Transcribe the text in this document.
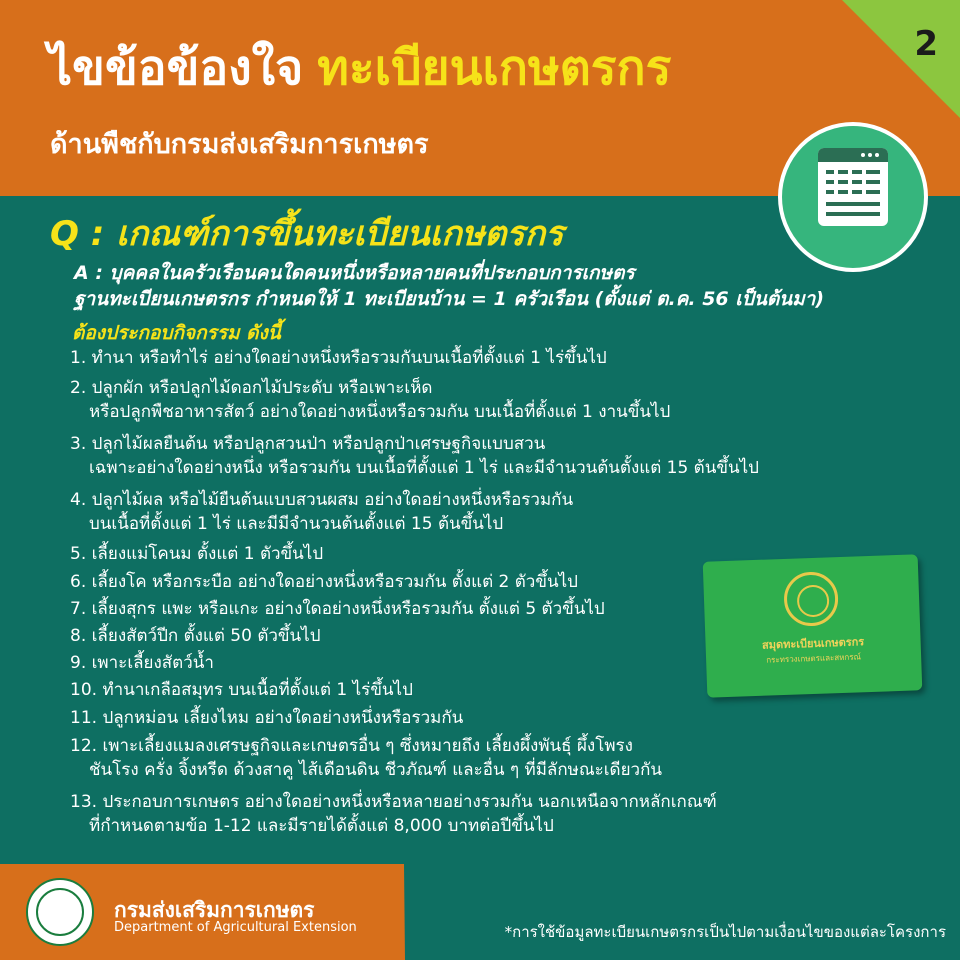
2
ไขข้อข้องใจ ทะเบียนเกษตรกร
ด้านพืชกับกรมส่งเสริมการเกษตร
Q : เกณฑ์การขึ้นทะเบียนเกษตรกร
A : บุคคลในครัวเรือนคนใดคนหนึ่งหรือหลายคนที่ประกอบการเกษตร
ฐานทะเบียนเกษตรกร กำหนดให้ 1 ทะเบียนบ้าน = 1 ครัวเรือน (ตั้งแต่ ต.ค. 56 เป็นต้นมา)
ต้องประกอบกิจกรรม ดังนี้
1. ทำนา หรือทำไร่ อย่างใดอย่างหนึ่งหรือรวมกันบนเนื้อที่ตั้งแต่ 1 ไร่ขึ้นไป
2. ปลูกผัก หรือปลูกไม้ดอกไม้ประดับ หรือเพาะเห็ด
หรือปลูกพืชอาหารสัตว์ อย่างใดอย่างหนึ่งหรือรวมกัน บนเนื้อที่ตั้งแต่ 1 งานขึ้นไป
3. ปลูกไม้ผลยืนต้น หรือปลูกสวนป่า หรือปลูกป่าเศรษฐกิจแบบสวน
เฉพาะอย่างใดอย่างหนึ่ง หรือรวมกัน บนเนื้อที่ตั้งแต่ 1 ไร่ และมีจำนวนต้นตั้งแต่ 15 ต้นขึ้นไป
4. ปลูกไม้ผล หรือไม้ยืนต้นแบบสวนผสม อย่างใดอย่างหนึ่งหรือรวมกัน
บนเนื้อที่ตั้งแต่ 1 ไร่ และมีมีจำนวนต้นตั้งแต่ 15 ต้นขึ้นไป
5. เลี้ยงแม่โคนม ตั้งแต่ 1 ตัวขึ้นไป
6. เลี้ยงโค หรือกระบือ อย่างใดอย่างหนึ่งหรือรวมกัน ตั้งแต่ 2 ตัวขึ้นไป
7. เลี้ยงสุกร แพะ หรือแกะ อย่างใดอย่างหนึ่งหรือรวมกัน ตั้งแต่ 5 ตัวขึ้นไป
8. เลี้ยงสัตว์ปีก ตั้งแต่ 50 ตัวขึ้นไป
9. เพาะเลี้ยงสัตว์น้ำ
10. ทำนาเกลือสมุทร บนเนื้อที่ตั้งแต่ 1 ไร่ขึ้นไป
11. ปลูกหม่อน เลี้ยงไหม อย่างใดอย่างหนึ่งหรือรวมกัน
12. เพาะเลี้ยงแมลงเศรษฐกิจและเกษตรอื่น ๆ ซึ่งหมายถึง เลี้ยงผึ้งพันธุ์ ผึ้งโพรง
ชันโรง ครั่ง จิ้งหรีด ด้วงสาคู ไส้เดือนดิน ชีวภัณฑ์ และอื่น ๆ ที่มีลักษณะเดียวกัน
13. ประกอบการเกษตร อย่างใดอย่างหนึ่งหรือหลายอย่างรวมกัน นอกเหนือจากหลักเกณฑ์
ที่กำหนดตามข้อ 1-12 และมีรายได้ตั้งแต่ 8,000 บาทต่อปีขึ้นไป
สมุดทะเบียนเกษตรกร
กระทรวงเกษตรและสหกรณ์
กรมส่งเสริมการเกษตร
Department of Agricultural Extension	*การใช้ข้อมูลทะเบียนเกษตรกรเป็นไปตามเงื่อนไขของแต่ละโครงการ
